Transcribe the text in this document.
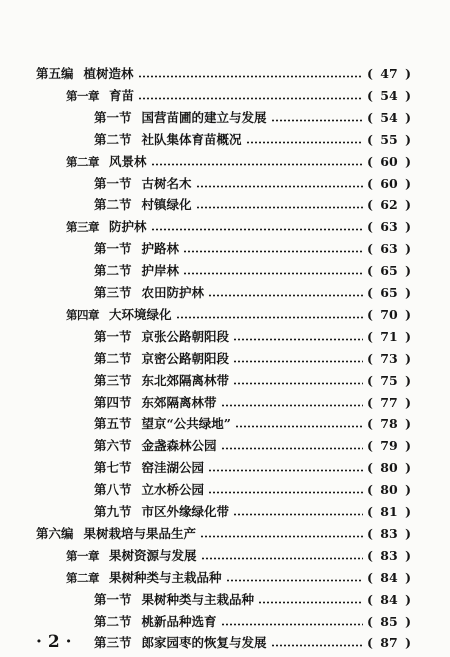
第五编 植树造林	( 47 )
第一章 育苗	( 54 )
第一节 国营苗圃的建立与发展	( 54 )
第二节 社队集体育苗概况	( 55 )
第二章 风景林	( 60 )
第一节 古树名木	( 60 )
第二节 村镇绿化	( 62 )
第三章 防护林	( 63 )
第一节 护路林	( 63 )
第二节 护岸林	( 65 )
第三节 农田防护林	( 65 )
第四章 大环境绿化	( 70 )
第一节 京张公路朝阳段	( 71 )
第二节 京密公路朝阳段	( 73 )
第三节 东北郊隔离林带	( 75 )
第四节 东郊隔离林带	( 77 )
第五节 望京“公共绿地”	( 78 )
第六节 金盏森林公园	( 79 )
第七节 窑洼湖公园	( 80 )
第八节 立水桥公园	( 80 )
第九节 市区外缘绿化带	( 81 )
第六编 果树栽培与果品生产	( 83 )
第一章 果树资源与发展	( 83 )
第二章 果树种类与主栽品种	( 84 )
第一节 果树种类与主栽品种	( 84 )
第二节 桃新品种选育	( 85 )
第三节 郎家园枣的恢复与发展	( 87 )
· 2 ·
